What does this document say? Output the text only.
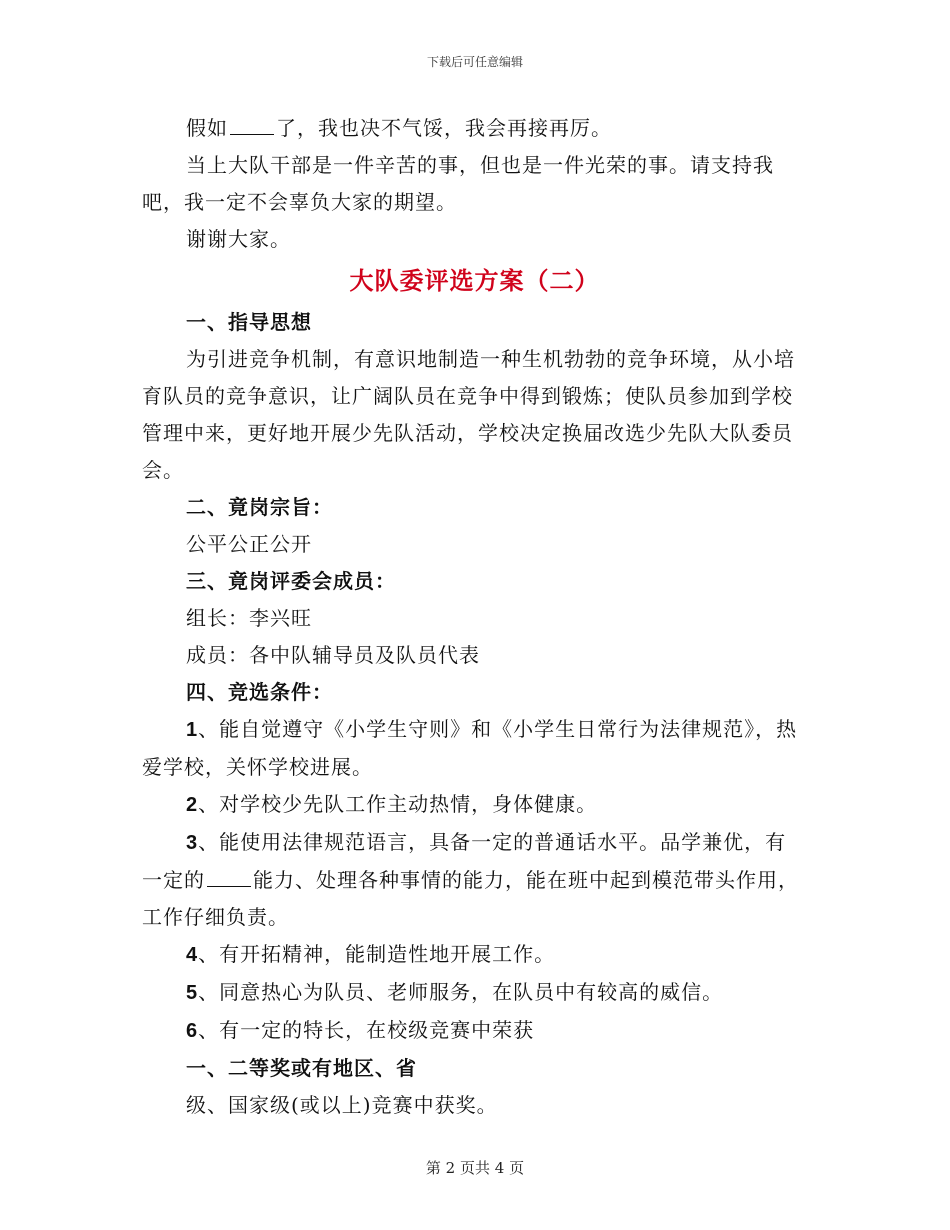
下载后可任意编辑

假如 了，我也决不气馁，我会再接再厉。

当上大队干部是一件辛苦的事，但也是一件光荣的事。请支持我吧，我一定不会辜负大家的期望。

谢谢大家。

大队委评选方案（二）

一、指导思想

为引进竞争机制，有意识地制造一种生机勃勃的竞争环境，从小培育队员的竞争意识，让广阔队员在竞争中得到锻炼；使队员参加到学校管理中来，更好地开展少先队活动，学校决定换届改选少先队大队委员会。

二、竟岗宗旨：

公平公正公开

三、竟岗评委会成员：

组长：李兴旺

成员：各中队辅导员及队员代表

四、竞选条件：

1、能自觉遵守《小学生守则》和《小学生日常行为法律规范》，热爱学校，关怀学校进展。

2、对学校少先队工作主动热情，身体健康。

3、能使用法律规范语言，具备一定的普通话水平。品学兼优，有一定的 能力、处理各种事情的能力，能在班中起到模范带头作用，工作仔细负责。

4、有开拓精神，能制造性地开展工作。

5、同意热心为队员、老师服务，在队员中有较高的威信。

6、有一定的特长，在校级竞赛中荣获

一、二等奖或有地区、省

级、国家级(或以上)竞赛中获奖。

第 2 页共 4 页
